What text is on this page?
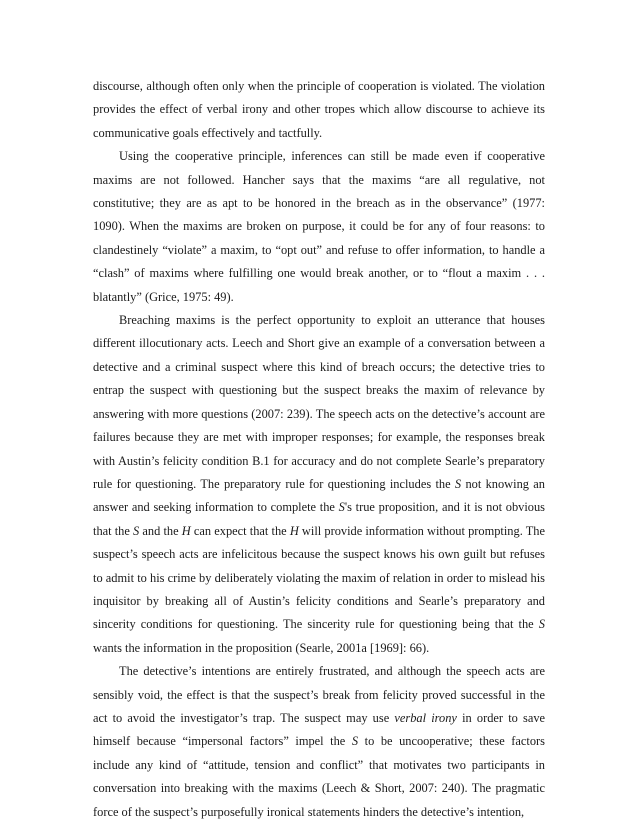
discourse, although often only when the principle of cooperation is violated. The violation provides the effect of verbal irony and other tropes which allow discourse to achieve its communicative goals effectively and tactfully.

Using the cooperative principle, inferences can still be made even if cooperative maxims are not followed. Hancher says that the maxims “are all regulative, not constitutive; they are as apt to be honored in the breach as in the observance” (1977: 1090). When the maxims are broken on purpose, it could be for any of four reasons: to clandestinely “violate” a maxim, to “opt out” and refuse to offer information, to handle a “clash” of maxims where fulfilling one would break another, or to “flout a maxim . . . blatantly” (Grice, 1975: 49).

Breaching maxims is the perfect opportunity to exploit an utterance that houses different illocutionary acts. Leech and Short give an example of a conversation between a detective and a criminal suspect where this kind of breach occurs; the detective tries to entrap the suspect with questioning but the suspect breaks the maxim of relevance by answering with more questions (2007: 239). The speech acts on the detective’s account are failures because they are met with improper responses; for example, the responses break with Austin’s felicity condition B.1 for accuracy and do not complete Searle’s preparatory rule for questioning. The preparatory rule for questioning includes the S not knowing an answer and seeking information to complete the S's true proposition, and it is not obvious that the S and the H can expect that the H will provide information without prompting. The suspect’s speech acts are infelicitous because the suspect knows his own guilt but refuses to admit to his crime by deliberately violating the maxim of relation in order to mislead his inquisitor by breaking all of Austin’s felicity conditions and Searle’s preparatory and sincerity conditions for questioning. The sincerity rule for questioning being that the S wants the information in the proposition (Searle, 2001a [1969]: 66).

The detective’s intentions are entirely frustrated, and although the speech acts are sensibly void, the effect is that the suspect’s break from felicity proved successful in the act to avoid the investigator’s trap. The suspect may use verbal irony in order to save himself because “impersonal factors” impel the S to be uncooperative; these factors include any kind of “attitude, tension and conflict” that motivates two participants in conversation into breaking with the maxims (Leech & Short, 2007: 240). The pragmatic force of the suspect’s purposefully ironical statements hinders the detective’s intention,
